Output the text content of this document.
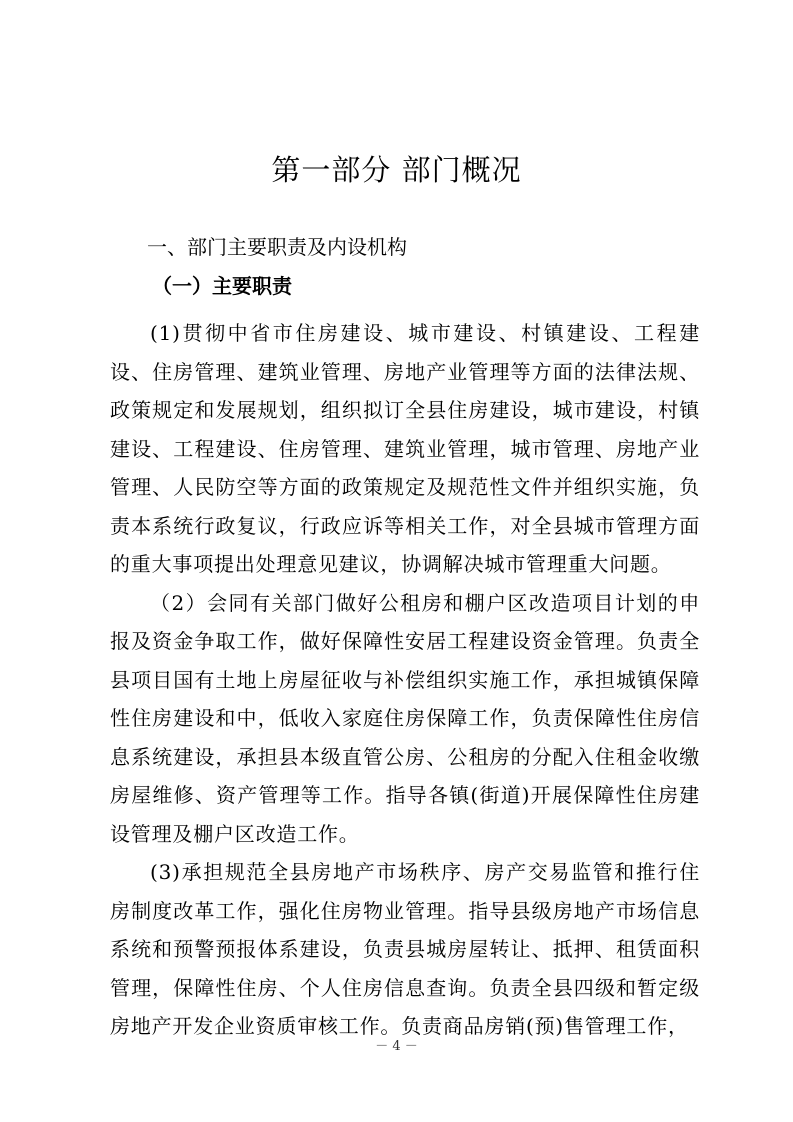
第一部分 部门概况
一、部门主要职责及内设机构
（一）主要职责

(1)贯彻中省市住房建设、城市建设、村镇建设、工程建设、住房管理、建筑业管理、房地产业管理等方面的法律法规、政策规定和发展规划，组织拟订全县住房建设，城市建设，村镇建设、工程建设、住房管理、建筑业管理，城市管理、房地产业管理、人民防空等方面的政策规定及规范性文件并组织实施，负责本系统行政复议，行政应诉等相关工作，对全县城市管理方面的重大事项提出处理意见建议，协调解决城市管理重大问题。

（2）会同有关部门做好公租房和棚户区改造项目计划的申报及资金争取工作，做好保障性安居工程建设资金管理。负责全县项目国有土地上房屋征收与补偿组织实施工作，承担城镇保障性住房建设和中，低收入家庭住房保障工作，负责保障性住房信息系统建设，承担县本级直管公房、公租房的分配入住租金收缴房屋维修、资产管理等工作。指导各镇(街道)开展保障性住房建设管理及棚户区改造工作。

(3)承担规范全县房地产市场秩序、房产交易监管和推行住房制度改革工作，强化住房物业管理。指导县级房地产市场信息系统和预警预报体系建设，负责县城房屋转让、抵押、租赁面积管理，保障性住房、个人住房信息查询。负责全县四级和暂定级房地产开发企业资质审核工作。负责商品房销(预)售管理工作，

－ 4 －
